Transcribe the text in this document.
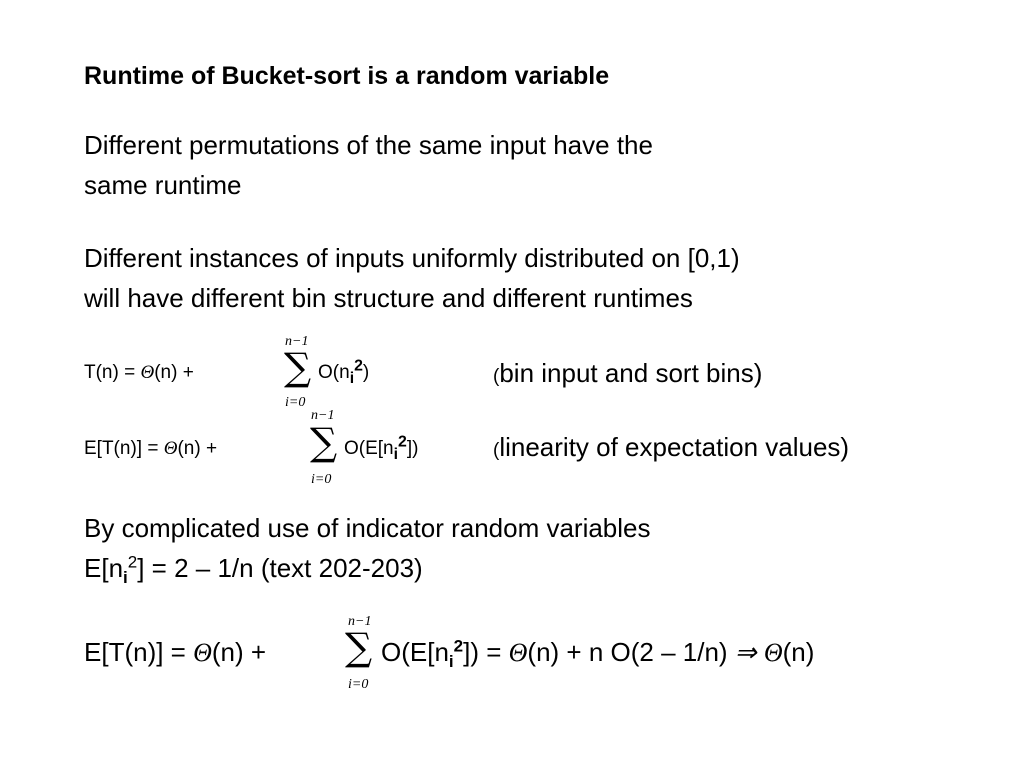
Runtime of Bucket-sort is a random variable
Different permutations of the same input have the
same runtime
Different instances of inputs uniformly distributed on [0,1)
will have different bin structure and different runtimes
T(n) = Θ(n) +
n−1
∑
i=0
$O(n_i^2)$	(bin input and sort bins)
E[T(n)] = Θ(n) +
n−1
∑
i=0
$O(E[n_i^2])$	(linearity of expectation values)
By complicated use of indicator random variables
$E[n_i^2] = 2 - 1/n$ (text 202-203)
E[T(n)] = Θ(n) +
n−1
∑
i=0
$O(E[n_i^2]) = \Theta(n) + n$ O(2 – 1/n) ⇒ Θ(n)
